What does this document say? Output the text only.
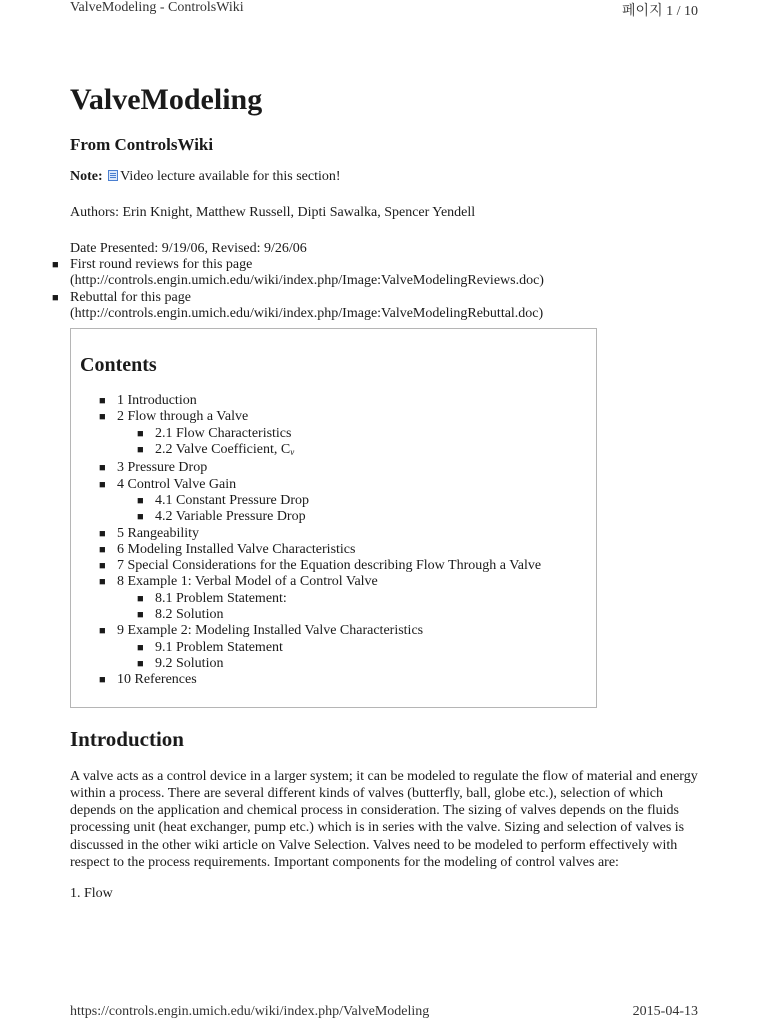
ValveModeling - ControlsWiki	페이지 1 / 10
ValveModeling
From ControlsWiki

Note: Video lecture available for this section!

Authors: Erin Knight, Matthew Russell, Dipti Sawalka, Spencer Yendell

Date Presented: 9/19/06, Revised: 9/26/06

■ First round reviews for this page
(http://controls.engin.umich.edu/wiki/index.php/Image:ValveModelingReviews.doc)
■ Rebuttal for this page
(http://controls.engin.umich.edu/wiki/index.php/Image:ValveModelingRebuttal.doc)
Contents
■ 1 Introduction
■ 2 Flow through a Valve
■ 2.1 Flow Characteristics
■ 2.2 Valve Coefficient, $C_v$
■ 3 Pressure Drop
■ 4 Control Valve Gain
■ 4.1 Constant Pressure Drop
■ 4.2 Variable Pressure Drop
■ 5 Rangeability
■ 6 Modeling Installed Valve Characteristics
■ 7 Special Considerations for the Equation describing Flow Through a Valve
■ 8 Example 1: Verbal Model of a Control Valve
■ 8.1 Problem Statement:
■ 8.2 Solution
■ 9 Example 2: Modeling Installed Valve Characteristics
■ 9.1 Problem Statement
■ 9.2 Solution
■ 10 References
Introduction

A valve acts as a control device in a larger system; it can be modeled to regulate the flow of material and energy within a process. There are several different kinds of valves (butterfly, ball, globe etc.), selection of which depends on the application and chemical process in consideration. The sizing of valves depends on the fluids processing unit (heat exchanger, pump etc.) which is in series with the valve. Sizing and selection of valves is discussed in the other wiki article on Valve Selection. Valves need to be modeled to perform effectively with respect to the process requirements. Important components for the modeling of control valves are:

1. Flow

https://controls.engin.umich.edu/wiki/index.php/ValveModeling	2015-04-13
